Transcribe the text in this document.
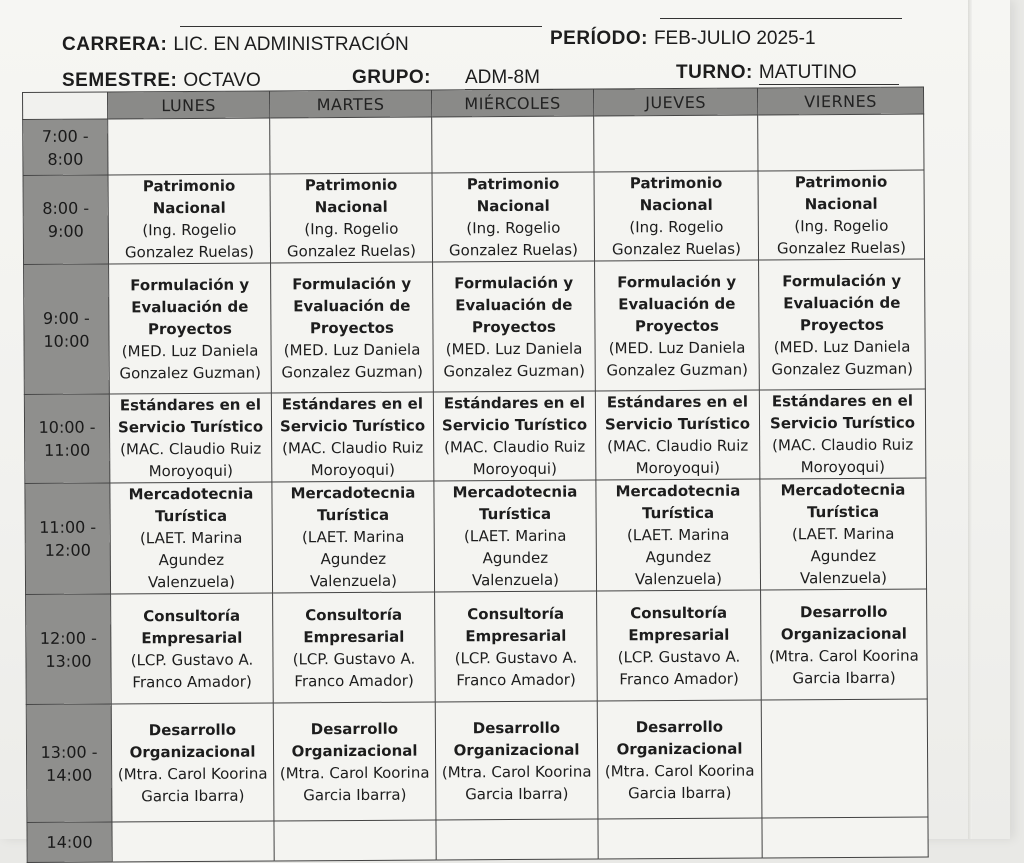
CARRERA: LIC. EN ADMINISTRACIÓN	PERÍODO: FEB-JULIO 2025-1
SEMESTRE: OCTAVO	GRUPO: ADM-8M	TURNO: MATUTINO
	LUNES	MARTES	MIÉRCOLES	JUEVES	VIERNES
7:00 -
8:00	

8:00 -
9:00	Patrimonio
Nacional
(Ing. Rogelio
Gonzalez Ruelas)	Patrimonio
Nacional
(Ing. Rogelio
Gonzalez Ruelas)	Patrimonio
Nacional
(Ing. Rogelio
Gonzalez Ruelas)	Patrimonio
Nacional
(Ing. Rogelio
Gonzalez Ruelas)	Patrimonio
Nacional
(Ing. Rogelio
Gonzalez Ruelas)

9:00 -
10:00	Formulación y
Evaluación de
Proyectos
(MED. Luz Daniela
Gonzalez Guzman)	Formulación y
Evaluación de
Proyectos
(MED. Luz Daniela
Gonzalez Guzman)	Formulación y
Evaluación de
Proyectos
(MED. Luz Daniela
Gonzalez Guzman)	Formulación y
Evaluación de
Proyectos
(MED. Luz Daniela
Gonzalez Guzman)	Formulación y
Evaluación de
Proyectos
(MED. Luz Daniela
Gonzalez Guzman)

10:00 -
11:00	Estándares en el
Servicio Turístico
(MAC. Claudio Ruiz
Moroyoqui)	Estándares en el
Servicio Turístico
(MAC. Claudio Ruiz
Moroyoqui)	Estándares en el
Servicio Turístico
(MAC. Claudio Ruiz
Moroyoqui)	Estándares en el
Servicio Turístico
(MAC. Claudio Ruiz
Moroyoqui)	Estándares en el
Servicio Turístico
(MAC. Claudio Ruiz
Moroyoqui)

11:00 -
12:00	Mercadotecnia
Turística
(LAET. Marina
Agundez
Valenzuela)	Mercadotecnia
Turística
(LAET. Marina
Agundez
Valenzuela)	Mercadotecnia
Turística
(LAET. Marina
Agundez
Valenzuela)	Mercadotecnia
Turística
(LAET. Marina
Agundez
Valenzuela)	Mercadotecnia
Turística
(LAET. Marina
Agundez
Valenzuela)

12:00 -
13:00	Consultoría
Empresarial
(LCP. Gustavo A.
Franco Amador)	Consultoría
Empresarial
(LCP. Gustavo A.
Franco Amador)	Consultoría
Empresarial
(LCP. Gustavo A.
Franco Amador)	Consultoría
Empresarial
(LCP. Gustavo A.
Franco Amador)	Desarrollo
Organizacional
(Mtra. Carol Koorina
Garcia Ibarra)

13:00 -
14:00	Desarrollo
Organizacional
(Mtra. Carol Koorina
Garcia Ibarra)	Desarrollo
Organizacional
(Mtra. Carol Koorina
Garcia Ibarra)	Desarrollo
Organizacional
(Mtra. Carol Koorina
Garcia Ibarra)	Desarrollo
Organizacional
(Mtra. Carol Koorina
Garcia Ibarra)	

14:00	
